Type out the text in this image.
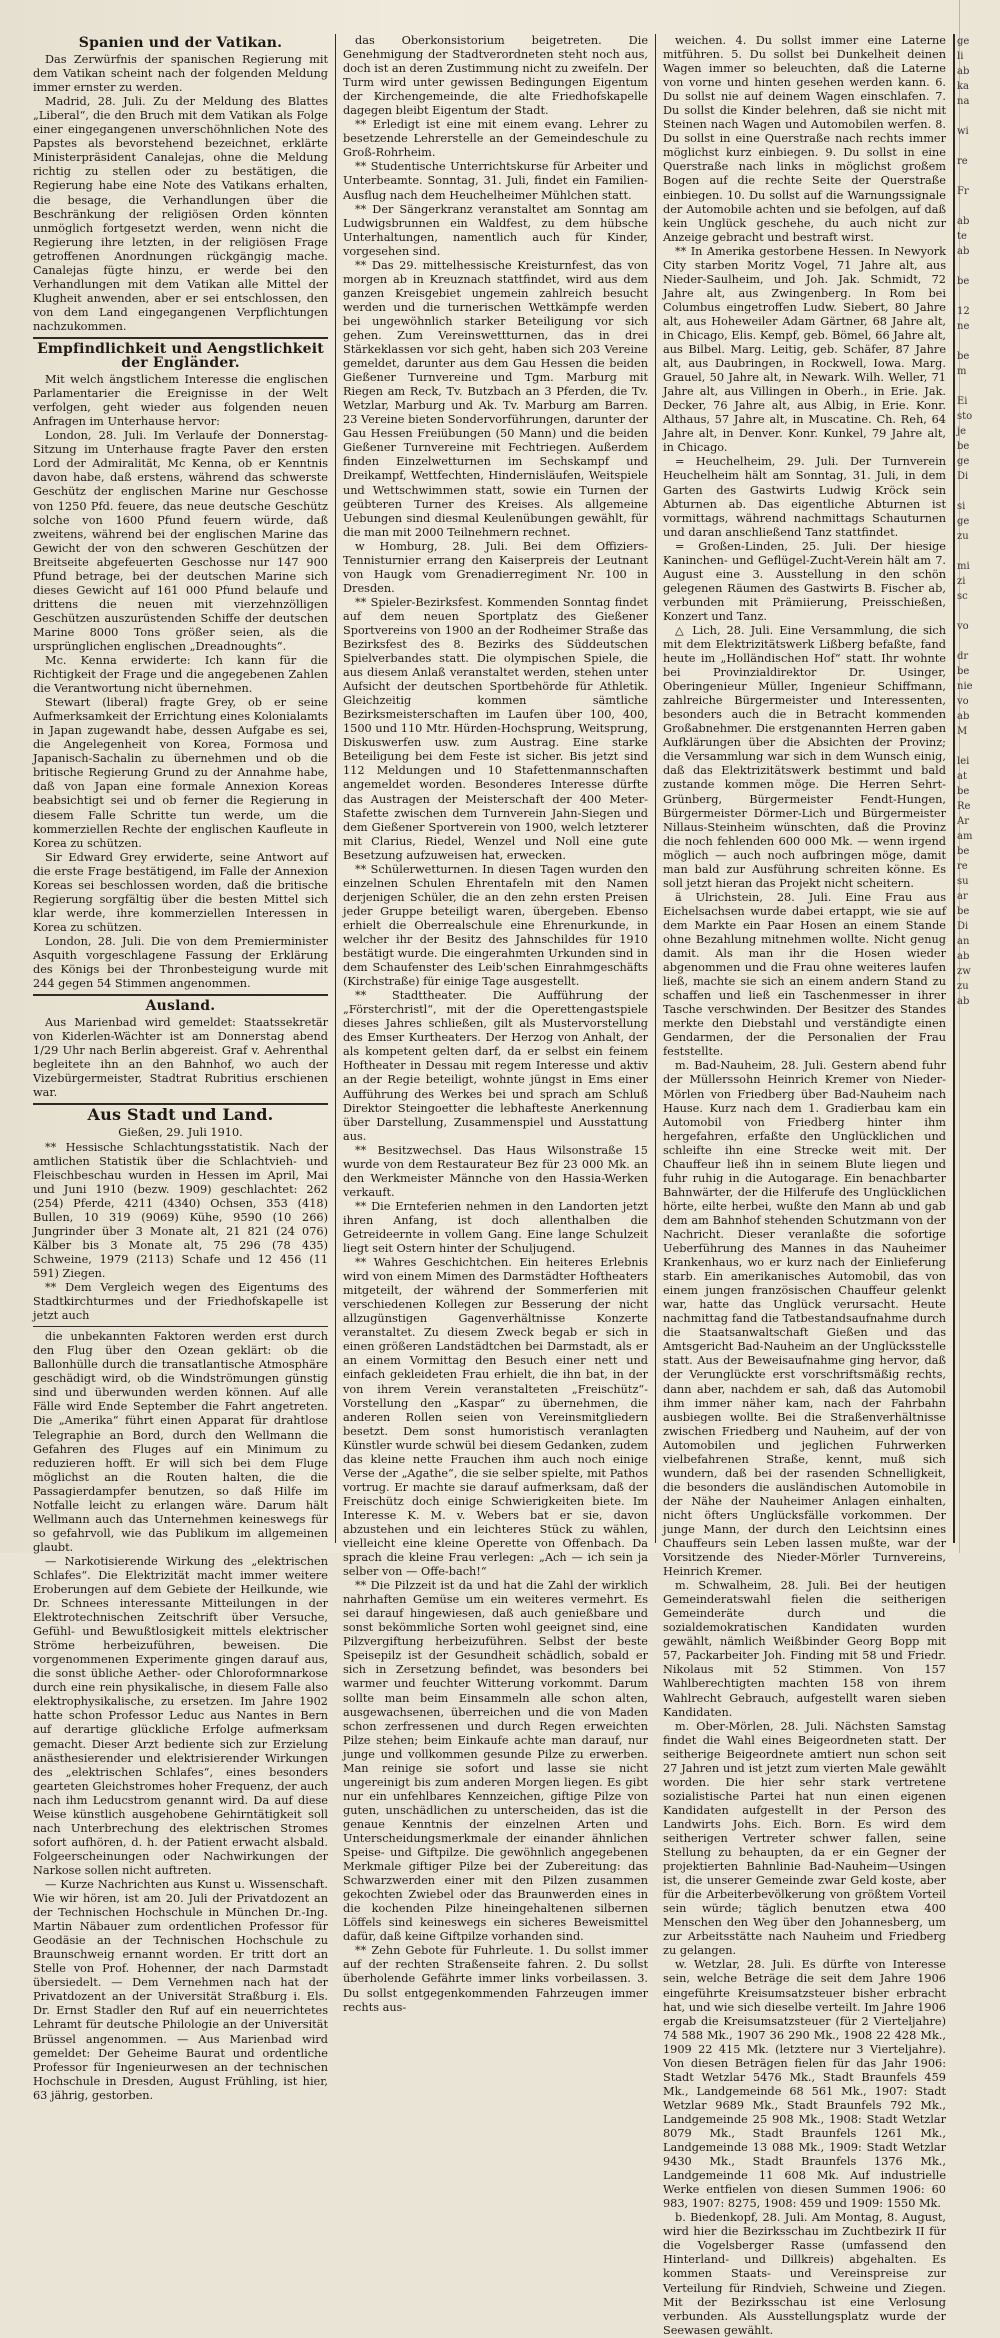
Spanien und der Vatikan.

Das Zerwürfnis der spanischen Regierung mit dem Vatikan scheint nach der folgenden Meldung immer ernster zu werden.

Madrid, 28. Juli. Zu der Meldung des Blattes „Liberal“, die den Bruch mit dem Vatikan als Folge einer eingegangenen unverschöhnlichen Note des Papstes als bevorstehend bezeichnet, erklärte Ministerpräsident Canalejas, ohne die Meldung richtig zu stellen oder zu bestätigen, die Regierung habe eine Note des Vatikans erhalten, die besage, die Verhandlungen über die Beschränkung der religiösen Orden könnten unmöglich fortgesetzt werden, wenn nicht die Regierung ihre letzten, in der religiösen Frage getroffenen Anordnungen rückgängig mache. Canalejas fügte hinzu, er werde bei den Verhandlungen mit dem Vatikan alle Mittel der Klugheit anwenden, aber er sei entschlossen, den von dem Land eingegangenen Verpflichtungen nachzukommen.

Empfindlichkeit und Aengstlichkeit der Engländer.

Mit welch ängstlichem Interesse die englischen Parlamentarier die Ereignisse in der Welt verfolgen, geht wieder aus folgenden neuen Anfragen im Unterhause hervor:

London, 28. Juli. Im Verlaufe der Donnerstag-Sitzung im Unterhause fragte Paver den ersten Lord der Admiralität, Mc Kenna, ob er Kenntnis davon habe, daß erstens, während das schwerste Geschütz der englischen Marine nur Geschosse von 1250 Pfd. feuere, das neue deutsche Geschütz solche von 1600 Pfund feuern würde, daß zweitens, während bei der englischen Marine das Gewicht der von den schweren Geschützen der Breitseite abgefeuerten Geschosse nur 147 900 Pfund betrage, bei der deutschen Marine sich dieses Gewicht auf 161 000 Pfund belaufe und drittens die neuen mit vierzehnzölligen Geschützen auszurüstenden Schiffe der deutschen Marine 8000 Tons größer seien, als die ursprünglichen englischen „Dreadnoughts“.

Mc. Kenna erwiderte: Ich kann für die Richtigkeit der Frage und die angegebenen Zahlen die Verantwortung nicht übernehmen.

Stewart (liberal) fragte Grey, ob er seine Aufmerksamkeit der Errichtung eines Kolonialamts in Japan zugewandt habe, dessen Aufgabe es sei, die Angelegenheit von Korea, Formosa und Japanisch-Sachalin zu übernehmen und ob die britische Regierung Grund zu der Annahme habe, daß von Japan eine formale Annexion Koreas beabsichtigt sei und ob ferner die Regierung in diesem Falle Schritte tun werde, um die kommerziellen Rechte der englischen Kaufleute in Korea zu schützen.

Sir Edward Grey erwiderte, seine Antwort auf die erste Frage bestätigend, im Falle der Annexion Koreas sei beschlossen worden, daß die britische Regierung sorgfältig über die besten Mittel sich klar werde, ihre kommerziellen Interessen in Korea zu schützen.

London, 28. Juli. Die von dem Premierminister Asquith vorgeschlagene Fassung der Erklärung des Königs bei der Thronbesteigung wurde mit 244 gegen 54 Stimmen angenommen.

Ausland.

Aus Marienbad wird gemeldet: Staatssekretär von Kiderlen-Wächter ist am Donnerstag abend 1/29 Uhr nach Berlin abgereist. Graf v. Aehrenthal begleitete ihn an den Bahnhof, wo auch der Vizebürgermeister, Stadtrat Rubritius erschienen war.

Aus Stadt und Land.
Gießen, 29. Juli 1910.

** Hessische Schlachtungsstatistik. Nach der amtlichen Statistik über die Schlachtvieh- und Fleischbeschau wurden in Hessen im April, Mai und Juni 1910 (bezw. 1909) geschlachtet: 262 (254) Pferde, 4211 (4340) Ochsen, 353 (418) Bullen, 10 319 (9069) Kühe, 9590 (10 266) Jungrinder über 3 Monate alt, 21 821 (24 076) Kälber bis 3 Monate alt, 75 296 (78 435) Schweine, 1979 (2113) Schafe und 12 456 (11 591) Ziegen.

** Dem Vergleich wegen des Eigentums des Stadtkirchturmes und der Friedhofskapelle ist jetzt auch

die unbekannten Faktoren werden erst durch den Flug über den Ozean geklärt: ob die Ballonhülle durch die transatlantische Atmosphäre geschädigt wird, ob die Windströmungen günstig sind und überwunden werden können. Auf alle Fälle wird Ende September die Fahrt angetreten. Die „Amerika“ führt einen Apparat für drahtlose Telegraphie an Bord, durch den Wellmann die Gefahren des Fluges auf ein Minimum zu reduzieren hofft. Er will sich bei dem Fluge möglichst an die Routen halten, die die Passagierdampfer benutzen, so daß Hilfe im Notfalle leicht zu erlangen wäre. Darum hält Wellmann auch das Unternehmen keineswegs für so gefahrvoll, wie das Publikum im allgemeinen glaubt.

— Narkotisierende Wirkung des „elektrischen Schlafes“. Die Elektrizität macht immer weitere Eroberungen auf dem Gebiete der Heilkunde, wie Dr. Schnees interessante Mitteilungen in der Elektrotechnischen Zeitschrift über Versuche, Gefühl- und Bewußtlosigkeit mittels elektrischer Ströme herbeizuführen, beweisen. Die vorgenommenen Experimente gingen darauf aus, die sonst übliche Aether- oder Chloroformnarkose durch eine rein physikalische, in diesem Falle also elektrophysikalische, zu ersetzen. Im Jahre 1902 hatte schon Professor Leduc aus Nantes in Bern auf derartige glückliche Erfolge aufmerksam gemacht. Dieser Arzt bediente sich zur Erzielung anästhesierender und elektrisierender Wirkungen des „elektrischen Schlafes“, eines besonders gearteten Gleichstromes hoher Frequenz, der auch nach ihm Leducstrom genannt wird. Da auf diese Weise künstlich ausgehobene Gehirntätigkeit soll nach Unterbrechung des elektrischen Stromes sofort aufhören, d. h. der Patient erwacht alsbald. Folgeerscheinungen oder Nachwirkungen der Narkose sollen nicht auftreten.

— Kurze Nachrichten aus Kunst u. Wissenschaft. Wie wir hören, ist am 20. Juli der Privatdozent an der Technischen Hochschule in München Dr.-Ing. Martin Näbauer zum ordentlichen Professor für Geodäsie an der Technischen Hochschule zu Braunschweig ernannt worden. Er tritt dort an Stelle von Prof. Hohenner, der nach Darmstadt übersiedelt. — Dem Vernehmen nach hat der Privatdozent an der Universität Straßburg i. Els. Dr. Ernst Stadler den Ruf auf ein neuerrichtetes Lehramt für deutsche Philologie an der Universität Brüssel angenommen. — Aus Marienbad wird gemeldet: Der Geheime Baurat und ordentliche Professor für Ingenieurwesen an der technischen Hochschule in Dresden, August Frühling, ist hier, 63 jährig, gestorben.

das Oberkonsistorium beigetreten. Die Genehmigung der Stadtverordneten steht noch aus, doch ist an deren Zustimmung nicht zu zweifeln. Der Turm wird unter gewissen Bedingungen Eigentum der Kirchengemeinde, die alte Friedhofskapelle dagegen bleibt Eigentum der Stadt.

** Erledigt ist eine mit einem evang. Lehrer zu besetzende Lehrerstelle an der Gemeindeschule zu Groß-Rohrheim.

** Studentische Unterrichtskurse für Arbeiter und Unterbeamte. Sonntag, 31. Juli, findet ein Familien-Ausflug nach dem Heuchelheimer Mühlchen statt.

** Der Sängerkranz veranstaltet am Sonntag am Ludwigsbrunnen ein Waldfest, zu dem hübsche Unterhaltungen, namentlich auch für Kinder, vorgesehen sind.

** Das 29. mittelhessische Kreisturnfest, das von morgen ab in Kreuznach stattfindet, wird aus dem ganzen Kreisgebiet ungemein zahlreich besucht werden und die turnerischen Wettkämpfe werden bei ungewöhnlich starker Beteiligung vor sich gehen. Zum Vereinswettturnen, das in drei Stärkeklassen vor sich geht, haben sich 203 Vereine gemeldet, darunter aus dem Gau Hessen die beiden Gießener Turnvereine und Tgm. Marburg mit Riegen am Reck, Tv. Butzbach an 3 Pferden, die Tv. Wetzlar, Marburg und Ak. Tv. Marburg am Barren. 23 Vereine bieten Sondervorführungen, darunter der Gau Hessen Freiübungen (50 Mann) und die beiden Gießener Turnvereine mit Fechtriegen. Außerdem finden Einzelwetturnen im Sechskampf und Dreikampf, Wettfechten, Hindernisläufen, Weitspiele und Wettschwimmen statt, sowie ein Turnen der geübteren Turner des Kreises. Als allgemeine Uebungen sind diesmal Keulenübungen gewählt, für die man mit 2000 Teilnehmern rechnet.

w Homburg, 28. Juli. Bei dem Offiziers-Tennisturnier errang den Kaiserpreis der Leutnant von Haugk vom Grenadierregiment Nr. 100 in Dresden.

** Spieler-Bezirksfest. Kommenden Sonntag findet auf dem neuen Sportplatz des Gießener Sportvereins von 1900 an der Rodheimer Straße das Bezirksfest des 8. Bezirks des Süddeutschen Spielverbandes statt. Die olympischen Spiele, die aus diesem Anlaß veranstaltet werden, stehen unter Aufsicht der deutschen Sportbehörde für Athletik. Gleichzeitig kommen sämtliche Bezirksmeisterschaften im Laufen über 100, 400, 1500 und 110 Mtr. Hürden-Hochsprung, Weitsprung, Diskuswerfen usw. zum Austrag. Eine starke Beteiligung bei dem Feste ist sicher. Bis jetzt sind 112 Meldungen und 10 Stafettenmannschaften angemeldet worden. Besonderes Interesse dürfte das Austragen der Meisterschaft der 400 Meter-Stafette zwischen dem Turnverein Jahn-Siegen und dem Gießener Sportverein von 1900, welch letzterer mit Clarius, Riedel, Wenzel und Noll eine gute Besetzung aufzuweisen hat, erwecken.

** Schülerwetturnen. In diesen Tagen wurden den einzelnen Schulen Ehrentafeln mit den Namen derjenigen Schüler, die an den zehn ersten Preisen jeder Gruppe beteiligt waren, übergeben. Ebenso erhielt die Oberrealschule eine Ehrenurkunde, in welcher ihr der Besitz des Jahnschildes für 1910 bestätigt wurde. Die eingerahmten Urkunden sind in dem Schaufenster des Leib'schen Einrahmgeschäfts (Kirchstraße) für einige Tage ausgestellt.

** Stadttheater. Die Aufführung der „Försterchristl“, mit der die Operettengastspiele dieses Jahres schließen, gilt als Mustervorstellung des Emser Kurtheaters. Der Herzog von Anhalt, der als kompetent gelten darf, da er selbst ein feinem Hoftheater in Dessau mit regem Interesse und aktiv an der Regie beteiligt, wohnte jüngst in Ems einer Aufführung des Werkes bei und sprach am Schluß Direktor Steingoetter die lebhafteste Anerkennung über Darstellung, Zusammenspiel und Ausstattung aus.

** Besitzwechsel. Das Haus Wilsonstraße 15 wurde von dem Restaurateur Bez für 23 000 Mk. an den Werkmeister Männche von den Hassia-Werken verkauft.

** Die Ernteferien nehmen in den Landorten jetzt ihren Anfang, ist doch allenthalben die Getreideernte in vollem Gang. Eine lange Schulzeit liegt seit Ostern hinter der Schuljugend.

** Wahres Geschichtchen. Ein heiteres Erlebnis wird von einem Mimen des Darmstädter Hoftheaters mitgeteilt, der während der Sommerferien mit verschiedenen Kollegen zur Besserung der nicht allzugünstigen Gagenverhältnisse Konzerte veranstaltet. Zu diesem Zweck begab er sich in einen größeren Landstädtchen bei Darmstadt, als er an einem Vormittag den Besuch einer nett und einfach gekleideten Frau erhielt, die ihn bat, in der von ihrem Verein veranstalteten „Freischütz“-Vorstellung den „Kaspar“ zu übernehmen, die anderen Rollen seien von Vereinsmitgliedern besetzt. Dem sonst humoristisch veranlagten Künstler wurde schwül bei diesem Gedanken, zudem das kleine nette Frauchen ihm auch noch einige Verse der „Agathe“, die sie selber spielte, mit Pathos vortrug. Er machte sie darauf aufmerksam, daß der Freischütz doch einige Schwierigkeiten biete. Im Interesse K. M. v. Webers bat er sie, davon abzustehen und ein leichteres Stück zu wählen, vielleicht eine kleine Operette von Offenbach. Da sprach die kleine Frau verlegen: „Ach — ich sein ja selber von — Offe-bach!“

** Die Pilzzeit ist da und hat die Zahl der wirklich nahrhaften Gemüse um ein weiteres vermehrt. Es sei darauf hingewiesen, daß auch genießbare und sonst bekömmliche Sorten wohl geeignet sind, eine Pilzvergiftung herbeizuführen. Selbst der beste Speisepilz ist der Gesundheit schädlich, sobald er sich in Zersetzung befindet, was besonders bei warmer und feuchter Witterung vorkommt. Darum sollte man beim Einsammeln alle schon alten, ausgewachsenen, überreichen und die von Maden schon zerfressenen und durch Regen erweichten Pilze stehen; beim Einkaufe achte man darauf, nur junge und vollkommen gesunde Pilze zu erwerben. Man reinige sie sofort und lasse sie nicht ungereinigt bis zum anderen Morgen liegen. Es gibt nur ein unfehlbares Kennzeichen, giftige Pilze von guten, unschädlichen zu unterscheiden, das ist die genaue Kenntnis der einzelnen Arten und Unterscheidungsmerkmale der einander ähnlichen Speise- und Giftpilze. Die gewöhnlich angegebenen Merkmale giftiger Pilze bei der Zubereitung: das Schwarzwerden einer mit den Pilzen zusammen gekochten Zwiebel oder das Braunwerden eines in die kochenden Pilze hineingehaltenen silbernen Löffels sind keineswegs ein sicheres Beweismittel dafür, daß keine Giftpilze vorhanden sind.

** Zehn Gebote für Fuhrleute. 1. Du sollst immer auf der rechten Straßenseite fahren. 2. Du sollst überholende Gefährte immer links vorbeilassen. 3. Du sollst entgegenkommenden Fahrzeugen immer rechts aus-

weichen. 4. Du sollst immer eine Laterne mitführen. 5. Du sollst bei Dunkelheit deinen Wagen immer so beleuchten, daß die Laterne von vorne und hinten gesehen werden kann. 6. Du sollst nie auf deinem Wagen einschlafen. 7. Du sollst die Kinder belehren, daß sie nicht mit Steinen nach Wagen und Automobilen werfen. 8. Du sollst in eine Querstraße nach rechts immer möglichst kurz einbiegen. 9. Du sollst in eine Querstraße nach links in möglichst großem Bogen auf die rechte Seite der Querstraße einbiegen. 10. Du sollst auf die Warnungssignale der Automobile achten und sie befolgen, auf daß kein Unglück geschehe, du auch nicht zur Anzeige gebracht und bestraft wirst.

** In Amerika gestorbene Hessen. In Newyork City starben Moritz Vogel, 71 Jahre alt, aus Nieder-Saulheim, und Joh. Jak. Schmidt, 72 Jahre alt, aus Zwingenberg. In Rom bei Columbus eingetroffen Ludw. Siebert, 80 Jahre alt, aus Hoheweiler Adam Gärtner, 68 Jahre alt, in Chicago, Elis. Kempf, geb. Bömel, 66 Jahre alt, aus Bilbel. Marg. Leitig, geb. Schäfer, 87 Jahre alt, aus Daubringen, in Rockwell, Iowa. Marg. Grauel, 50 Jahre alt, in Newark. Wilh. Weller, 71 Jahre alt, aus Villingen in Oberh., in Erie. Jak. Decker, 76 Jahre alt, aus Albig, in Erie. Konr. Althaus, 57 Jahre alt, in Muscatine. Ch. Reh, 64 Jahre alt, in Denver. Konr. Kunkel, 79 Jahre alt, in Chicago.

= Heuchelheim, 29. Juli. Der Turnverein Heuchelheim hält am Sonntag, 31. Juli, in dem Garten des Gastwirts Ludwig Kröck sein Abturnen ab. Das eigentliche Abturnen ist vormittags, während nachmittags Schauturnen und daran anschließend Tanz stattfindet.

= Großen-Linden, 25. Juli. Der hiesige Kaninchen- und Geflügel-Zucht-Verein hält am 7. August eine 3. Ausstellung in den schön gelegenen Räumen des Gastwirts B. Fischer ab, verbunden mit Prämiierung, Preisschießen, Konzert und Tanz.

△ Lich, 28. Juli. Eine Versammlung, die sich mit dem Elektrizitätswerk Lißberg befaßte, fand heute im „Holländischen Hof“ statt. Ihr wohnte bei Provinzialdirektor Dr. Usinger, Oberingenieur Müller, Ingenieur Schiffmann, zahlreiche Bürgermeister und Interessenten, besonders auch die in Betracht kommenden Großabnehmer. Die erstgenannten Herren gaben Aufklärungen über die Absichten der Provinz; die Versammlung war sich in dem Wunsch einig, daß das Elektrizitätswerk bestimmt und bald zustande kommen möge. Die Herren Sehrt-Grünberg, Bürgermeister Fendt-Hungen, Bürgermeister Dörmer-Lich und Bürgermeister Nillaus-Steinheim wünschten, daß die Provinz die noch fehlenden 600 000 Mk. — wenn irgend möglich — auch noch aufbringen möge, damit man bald zur Ausführung schreiten könne. Es soll jetzt hieran das Projekt nicht scheitern.

ä Ulrichstein, 28. Juli. Eine Frau aus Eichelsachsen wurde dabei ertappt, wie sie auf dem Markte ein Paar Hosen an einem Stande ohne Bezahlung mitnehmen wollte. Nicht genug damit. Als man ihr die Hosen wieder abgenommen und die Frau ohne weiteres laufen ließ, machte sie sich an einem andern Stand zu schaffen und ließ ein Taschenmesser in ihrer Tasche verschwinden. Der Besitzer des Standes merkte den Diebstahl und verständigte einen Gendarmen, der die Personalien der Frau feststellte.

m. Bad-Nauheim, 28. Juli. Gestern abend fuhr der Müllerssohn Heinrich Kremer von Nieder-Mörlen von Friedberg über Bad-Nauheim nach Hause. Kurz nach dem 1. Gradierbau kam ein Automobil von Friedberg hinter ihm hergefahren, erfaßte den Unglücklichen und schleifte ihn eine Strecke weit mit. Der Chauffeur ließ ihn in seinem Blute liegen und fuhr ruhig in die Autogarage. Ein benachbarter Bahnwärter, der die Hilferufe des Unglücklichen hörte, eilte herbei, wußte den Mann ab und gab dem am Bahnhof stehenden Schutzmann von der Nachricht. Dieser veranlaßte die sofortige Ueberführung des Mannes in das Nauheimer Krankenhaus, wo er kurz nach der Einlieferung starb. Ein amerikanisches Automobil, das von einem jungen französischen Chauffeur gelenkt war, hatte das Unglück verursacht. Heute nachmittag fand die Tatbestandsaufnahme durch die Staatsanwaltschaft Gießen und das Amtsgericht Bad-Nauheim an der Unglücksstelle statt. Aus der Beweisaufnahme ging hervor, daß der Verunglückte erst vorschriftsmäßig rechts, dann aber, nachdem er sah, daß das Automobil ihm immer näher kam, nach der Fahrbahn ausbiegen wollte. Bei die Straßenverhältnisse zwischen Friedberg und Nauheim, auf der von Automobilen und jeglichen Fuhrwerken vielbefahrenen Straße, kennt, muß sich wundern, daß bei der rasenden Schnelligkeit, die besonders die ausländischen Automobile in der Nähe der Nauheimer Anlagen einhalten, nicht öfters Unglücksfälle vorkommen. Der junge Mann, der durch den Leichtsinn eines Chauffeurs sein Leben lassen mußte, war der Vorsitzende des Nieder-Mörler Turnvereins, Heinrich Kremer.

m. Schwalheim, 28. Juli. Bei der heutigen Gemeinderatswahl fielen die seitherigen Gemeinderäte durch und die sozialdemokratischen Kandidaten wurden gewählt, nämlich Weißbinder Georg Bopp mit 57, Packarbeiter Joh. Finding mit 58 und Friedr. Nikolaus mit 52 Stimmen. Von 157 Wahlberechtigten machten 158 von ihrem Wahlrecht Gebrauch, aufgestellt waren sieben Kandidaten.

m. Ober-Mörlen, 28. Juli. Nächsten Samstag findet die Wahl eines Beigeordneten statt. Der seitherige Beigeordnete amtiert nun schon seit 27 Jahren und ist jetzt zum vierten Male gewählt worden. Die hier sehr stark vertretene sozialistische Partei hat nun einen eigenen Kandidaten aufgestellt in der Person des Landwirts Johs. Eich. Born. Es wird dem seitherigen Vertreter schwer fallen, seine Stellung zu behaupten, da er ein Gegner der projektierten Bahnlinie Bad-Nauheim—Usingen ist, die unserer Gemeinde zwar Geld koste, aber für die Arbeiterbevölkerung von größtem Vorteil sein würde; täglich benutzen etwa 400 Menschen den Weg über den Johannesberg, um zur Arbeitsstätte nach Nauheim und Friedberg zu gelangen.

w. Wetzlar, 28. Juli. Es dürfte von Interesse sein, welche Beträge die seit dem Jahre 1906 eingeführte Kreisumsatzsteuer bisher erbracht hat, und wie sich dieselbe verteilt. Im Jahre 1906 ergab die Kreisumsatzsteuer (für 2 Vierteljahre) 74 588 Mk., 1907 36 290 Mk., 1908 22 428 Mk., 1909 22 415 Mk. (letztere nur 3 Vierteljahre). Von diesen Beträgen fielen für das Jahr 1906: Stadt Wetzlar 5476 Mk., Stadt Braunfels 459 Mk., Landgemeinde 68 561 Mk., 1907: Stadt Wetzlar 9689 Mk., Stadt Braunfels 792 Mk., Landgemeinde 25 908 Mk., 1908: Stadt Wetzlar 8079 Mk., Stadt Braunfels 1261 Mk., Landgemeinde 13 088 Mk., 1909: Stadt Wetzlar 9430 Mk., Stadt Braunfels 1376 Mk., Landgemeinde 11 608 Mk. Auf industrielle Werke entfielen von diesen Summen 1906: 60 983, 1907: 8275, 1908: 459 und 1909: 1550 Mk.

b. Biedenkopf, 28. Juli. Am Montag, 8. August, wird hier die Bezirksschau im Zuchtbezirk II für die Vogelsberger Rasse (umfassend den Hinterland- und Dillkreis) abgehalten. Es kommen Staats- und Vereinspreise zur Verteilung für Rindvieh, Schweine und Ziegen. Mit der Bezirksschau ist eine Verlosung verbunden. Als Ausstellungsplatz wurde der Seewasen gewählt.

ge
li
ab
ka
na

wi

re

Fr

ab
te
ab

be

12
ne

be
m

Ei
sto
je
be
ge
Di

si
ge
zu

mi
zi
sc

vo

dr
be
nie
vo
ab
M

lei
at
be
Re
Ar
am
be
re
su
ar
be
Di
an
ab
zw
zu
ab
